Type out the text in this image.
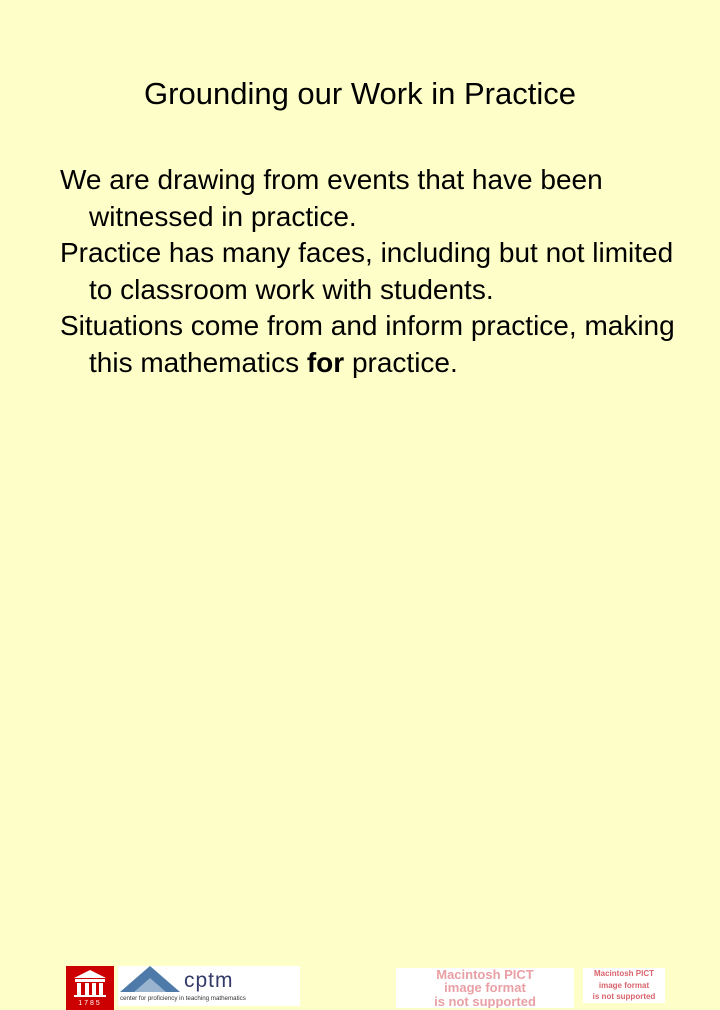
Grounding our Work in Practice

We are drawing from events that have been witnessed in practice.

Practice has many faces, including but not limited to classroom work with students.

Situations come from and inform practice, making this mathematics for practice.

1785
cptm
center for proficiency in teaching mathematics
Macintosh PICT
image format
is not supported
Macintosh PICT
image format
is not supported
